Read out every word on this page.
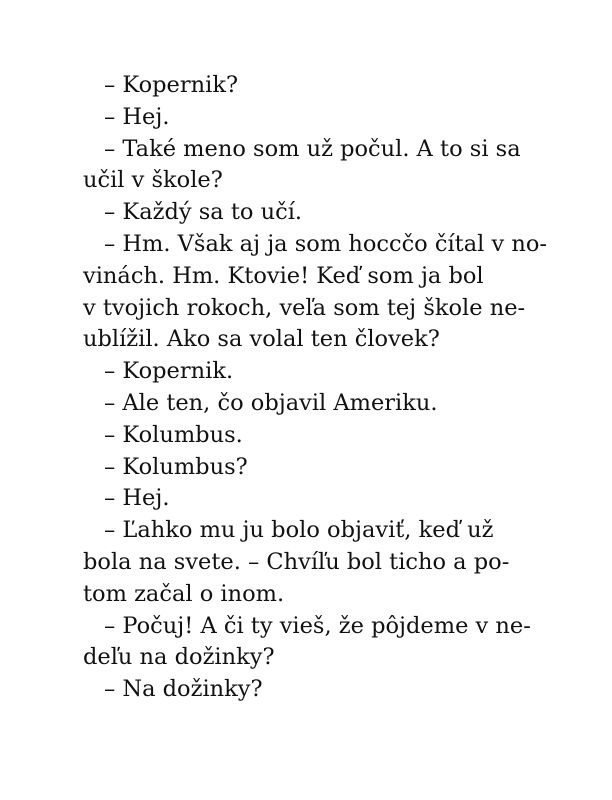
– Kopernik?
– Hej.
– Také meno som už počul. A to si sa
učil v škole?
– Každý sa to učí.
– Hm. Však aj ja som hoccčo čítal v no-
vinách. Hm. Ktovie! Keď som ja bol
v tvojich rokoch, veľa som tej škole ne-
ublížil. Ako sa volal ten človek?
– Kopernik.
– Ale ten, čo objavil Ameriku.
– Kolumbus.
– Kolumbus?
– Hej.
– Ľahko mu ju bolo objaviť, keď už
bola na svete. – Chvíľu bol ticho a po-
tom začal o inom.
– Počuj! A či ty vieš, že pôjdeme v ne-
deľu na dožinky?
– Na dožinky?
